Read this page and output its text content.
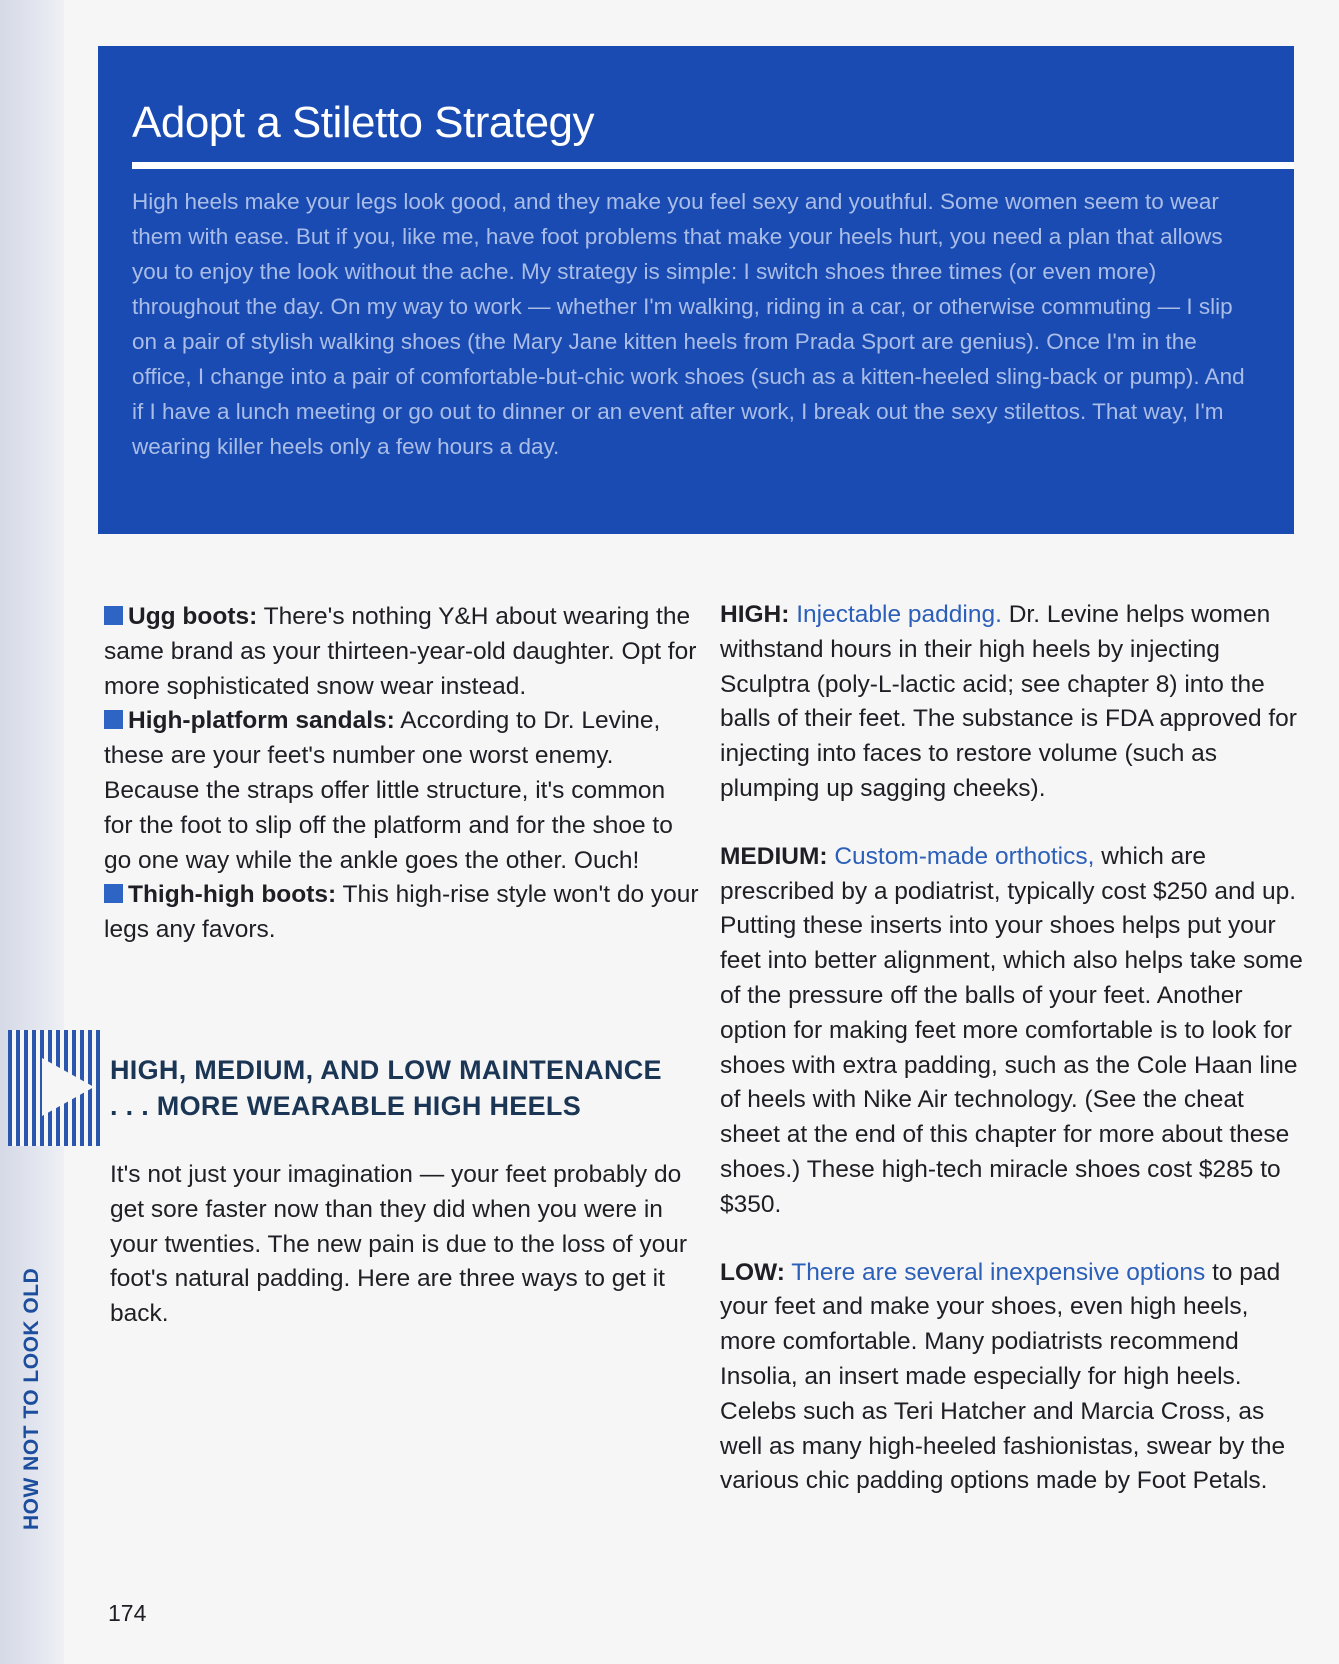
HOW NOT TO LOOK OLD
Adopt a Stiletto Strategy

High heels make your legs look good, and they make you feel sexy and youthful. Some women seem to wear them with ease. But if you, like me, have foot problems that make your heels hurt, you need a plan that allows you to enjoy the look without the ache. My strategy is simple: I switch shoes three times (or even more) throughout the day. On my way to work — whether I'm walking, riding in a car, or otherwise commuting — I slip on a pair of stylish walking shoes (the Mary Jane kitten heels from Prada Sport are genius). Once I'm in the office, I change into a pair of comfortable-but-chic work shoes (such as a kitten-heeled sling-back or pump). And if I have a lunch meeting or go out to dinner or an event after work, I break out the sexy stilettos. That way, I'm wearing killer heels only a few hours a day.

Ugg boots: There's nothing Y&H about wearing the same brand as your thirteen-year-old daughter. Opt for more sophisticated snow wear instead.

High-platform sandals: According to Dr. Levine, these are your feet's number one worst enemy. Because the straps offer little structure, it's common for the foot to slip off the platform and for the shoe to go one way while the ankle goes the other. Ouch!

Thigh-high boots: This high-rise style won't do your legs any favors.

HIGH, MEDIUM, AND LOW MAINTENANCE
. . . MORE WEARABLE HIGH HEELS

It's not just your imagination — your feet probably do get sore faster now than they did when you were in your twenties. The new pain is due to the loss of your foot's natural padding. Here are three ways to get it back.

HIGH: Injectable padding. Dr. Levine helps women withstand hours in their high heels by injecting Sculptra (poly-L-lactic acid; see chapter 8) into the balls of their feet. The substance is FDA approved for injecting into faces to restore volume (such as plumping up sagging cheeks).

MEDIUM: Custom-made orthotics, which are prescribed by a podiatrist, typically cost $250 and up. Putting these inserts into your shoes helps put your feet into better alignment, which also helps take some of the pressure off the balls of your feet. Another option for making feet more comfortable is to look for shoes with extra padding, such as the Cole Haan line of heels with Nike Air technology. (See the cheat sheet at the end of this chapter for more about these shoes.) These high-tech miracle shoes cost $285 to $350.

LOW: There are several inexpensive options to pad your feet and make your shoes, even high heels, more comfortable. Many podiatrists recommend Insolia, an insert made especially for high heels. Celebs such as Teri Hatcher and Marcia Cross, as well as many high-heeled fashionistas, swear by the various chic padding options made by Foot Petals.

174
